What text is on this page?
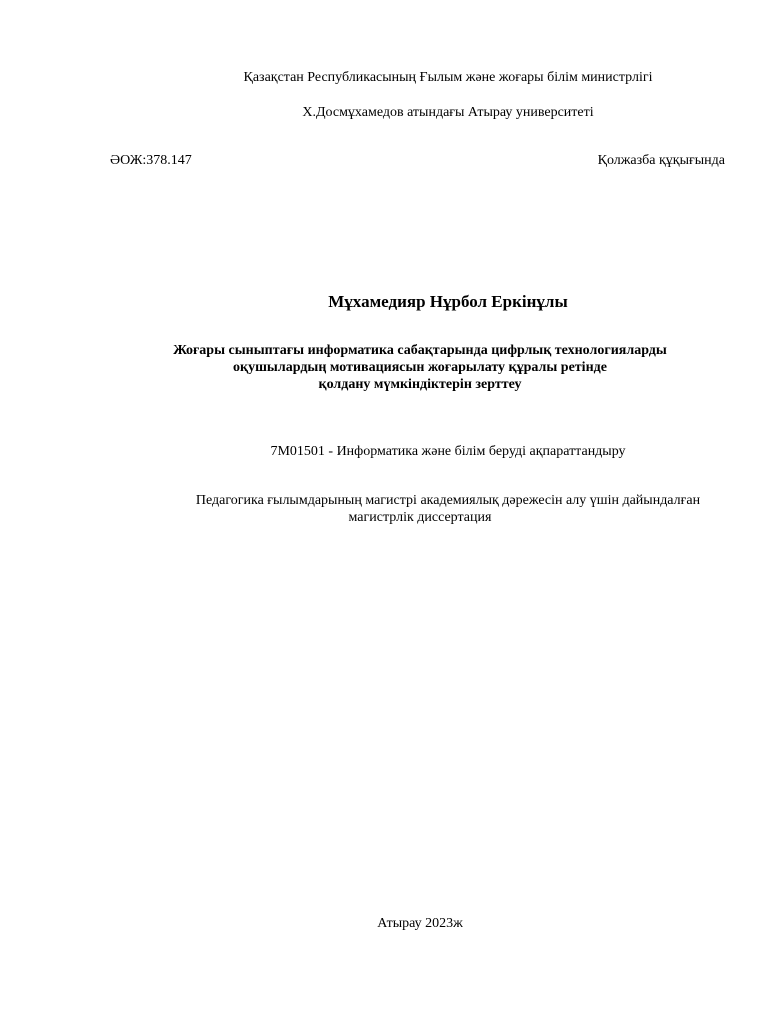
Қазақстан Республикасының Ғылым және жоғары білім министрлігі
Х.Досмұхамедов атындағы Атырау университеті
ӘОЖ:378.147	Қолжазба құқығында
Мұхамедияр Нұрбол Еркінұлы
Жоғары сыныптағы информатика сабақтарында цифрлық технологияларды
оқушылардың мотивациясын жоғарылату құралы ретінде
қолдану мүмкіндіктерін зерттеу
7М01501 - Информатика және білім беруді ақпараттандыру
Педагогика ғылымдарының магистрі академиялық дәрежесін алу үшін дайындалған
магистрлік диссертация
Атырау 2023ж
